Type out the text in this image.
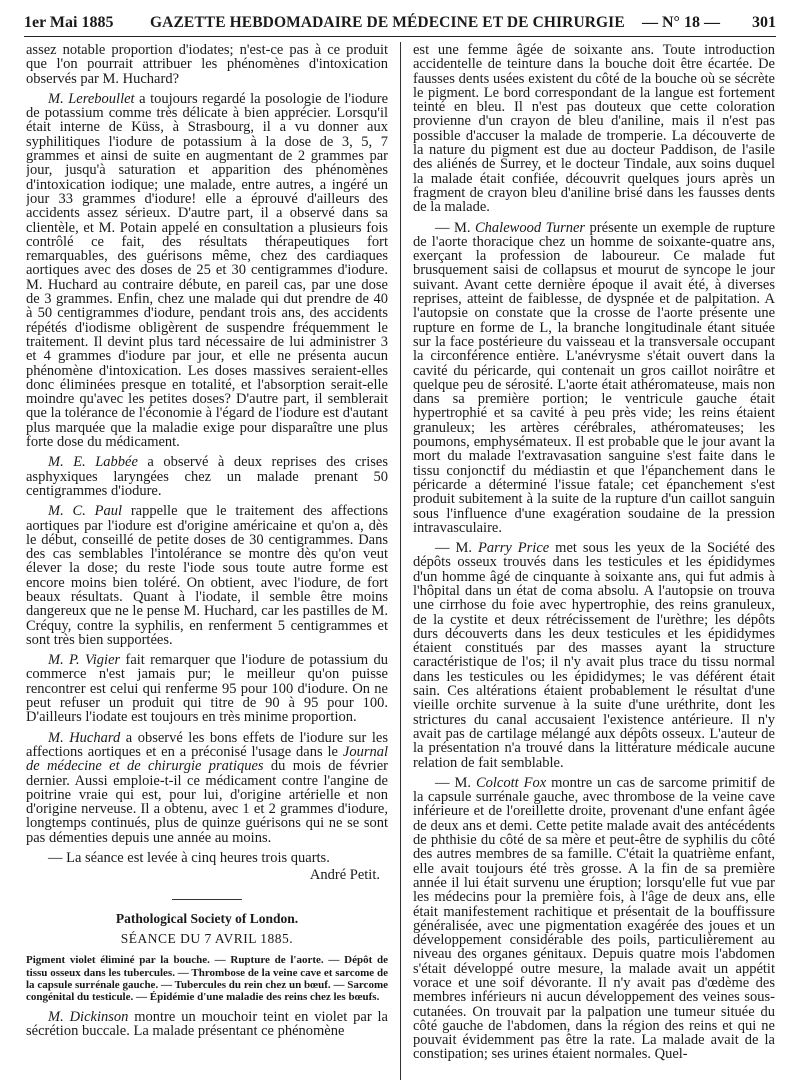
1er Mai 1885 GAZETTE HEBDOMADAIRE DE MÉDECINE ET DE CHIRURGIE — N° 18 — 301

assez notable proportion d'iodates; n'est-ce pas à ce produit que l'on pourrait attribuer les phénomènes d'intoxication observés par M. Huchard?

M. Lereboullet a toujours regardé la posologie de l'iodure de potassium comme très délicate à bien apprécier. Lorsqu'il était interne de Küss, à Strasbourg, il a vu donner aux syphilitiques l'iodure de potassium à la dose de 3, 5, 7 grammes et ainsi de suite en augmentant de 2 grammes par jour, jusqu'à saturation et apparition des phénomènes d'intoxication iodique; une malade, entre autres, a ingéré un jour 33 grammes d'iodure! elle a éprouvé d'ailleurs des accidents assez sérieux. D'autre part, il a observé dans sa clientèle, et M. Potain appelé en consultation a plusieurs fois contrôlé ce fait, des résultats thérapeutiques fort remarquables, des guérisons même, chez des cardiaques aortiques avec des doses de 25 et 30 centigrammes d'iodure. M. Huchard au contraire débute, en pareil cas, par une dose de 3 grammes. Enfin, chez une malade qui dut prendre de 40 à 50 centigrammes d'iodure, pendant trois ans, des accidents répétés d'iodisme obligèrent de suspendre fréquemment le traitement. Il devint plus tard nécessaire de lui administrer 3 et 4 grammes d'iodure par jour, et elle ne présenta aucun phénomène d'intoxication. Les doses massives seraient-elles donc éliminées presque en totalité, et l'absorption serait-elle moindre qu'avec les petites doses? D'autre part, il semblerait que la tolérance de l'économie à l'égard de l'iodure est d'autant plus marquée que la maladie exige pour disparaître une plus forte dose du médicament.

M. E. Labbée a observé à deux reprises des crises asphyxiques laryngées chez un malade prenant 50 centigrammes d'iodure.

M. C. Paul rappelle que le traitement des affections aortiques par l'iodure est d'origine américaine et qu'on a, dès le début, conseillé de petite doses de 30 centigrammes. Dans des cas semblables l'intolérance se montre dès qu'on veut élever la dose; du reste l'iode sous toute autre forme est encore moins bien toléré. On obtient, avec l'iodure, de fort beaux résultats. Quant à l'iodate, il semble être moins dangereux que ne le pense M. Huchard, car les pastilles de M. Créquy, contre la syphilis, en renferment 5 centigrammes et sont très bien supportées.

M. P. Vigier fait remarquer que l'iodure de potassium du commerce n'est jamais pur; le meilleur qu'on puisse rencontrer est celui qui renferme 95 pour 100 d'iodure. On ne peut refuser un produit qui titre de 90 à 95 pour 100. D'ailleurs l'iodate est toujours en très minime proportion.

M. Huchard a observé les bons effets de l'iodure sur les affections aortiques et en a préconisé l'usage dans le Journal de médecine et de chirurgie pratiques du mois de février dernier. Aussi emploie-t-il ce médicament contre l'angine de poitrine vraie qui est, pour lui, d'origine artérielle et non d'origine nerveuse. Il a obtenu, avec 1 et 2 grammes d'iodure, longtemps continués, plus de quinze guérisons qui ne se sont pas démenties depuis une année au moins.

— La séance est levée à cinq heures trois quarts.

André Petit.

Pathological Society of London.

SÉANCE DU 7 AVRIL 1885.

Pigment violet éliminé par la bouche. — Rupture de l'aorte. — Dépôt de tissu osseux dans les tubercules. — Thrombose de la veine cave et sarcome de la capsule surrénale gauche. — Tubercules du rein chez un bœuf. — Sarcome congénital du testicule. — Épidémie d'une maladie des reins chez les bœufs.

M. Dickinson montre un mouchoir teint en violet par la sécrétion buccale. La malade présentant ce phénomène

est une femme âgée de soixante ans. Toute introduction accidentelle de teinture dans la bouche doit être écartée. De fausses dents usées existent du côté de la bouche où se sécrète le pigment. Le bord correspondant de la langue est fortement teinté en bleu. Il n'est pas douteux que cette coloration provienne d'un crayon de bleu d'aniline, mais il n'est pas possible d'accuser la malade de tromperie. La découverte de la nature du pigment est due au docteur Paddison, de l'asile des aliénés de Surrey, et le docteur Tindale, aux soins duquel la malade était confiée, découvrit quelques jours après un fragment de crayon bleu d'aniline brisé dans les fausses dents de la malade.

— M. Chalewood Turner présente un exemple de rupture de l'aorte thoracique chez un homme de soixante-quatre ans, exerçant la profession de laboureur. Ce malade fut brusquement saisi de collapsus et mourut de syncope le jour suivant. Avant cette dernière époque il avait été, à diverses reprises, atteint de faiblesse, de dyspnée et de palpitation. A l'autopsie on constate que la crosse de l'aorte présente une rupture en forme de L, la branche longitudinale étant située sur la face postérieure du vaisseau et la transversale occupant la circonférence entière. L'anévrysme s'était ouvert dans la cavité du péricarde, qui contenait un gros caillot noirâtre et quelque peu de sérosité. L'aorte était athéromateuse, mais non dans sa première portion; le ventricule gauche était hypertrophié et sa cavité à peu près vide; les reins étaient granuleux; les artères cérébrales, athéromateuses; les poumons, emphysémateux. Il est probable que le jour avant la mort du malade l'extravasation sanguine s'est faite dans le tissu conjonctif du médiastin et que l'épanchement dans le péricarde a déterminé l'issue fatale; cet épanchement s'est produit subitement à la suite de la rupture d'un caillot sanguin sous l'influence d'une exagération soudaine de la pression intravasculaire.

— M. Parry Price met sous les yeux de la Société des dépôts osseux trouvés dans les testicules et les épididymes d'un homme âgé de cinquante à soixante ans, qui fut admis à l'hôpital dans un état de coma absolu. A l'autopsie on trouva une cirrhose du foie avec hypertrophie, des reins granuleux, de la cystite et deux rétrécissement de l'urèthre; les dépôts durs découverts dans les deux testicules et les épididymes étaient constitués par des masses ayant la structure caractéristique de l'os; il n'y avait plus trace du tissu normal dans les testicules ou les épididymes; le vas déférent était sain. Ces altérations étaient probablement le résultat d'une vieille orchite survenue à la suite d'une uréthrite, dont les strictures du canal accusaient l'existence antérieure. Il n'y avait pas de cartilage mélangé aux dépôts osseux. L'auteur de la présentation n'a trouvé dans la littérature médicale aucune relation de fait semblable.

— M. Colcott Fox montre un cas de sarcome primitif de la capsule surrénale gauche, avec thrombose de la veine cave inférieure et de l'oreillette droite, provenant d'une enfant âgée de deux ans et demi. Cette petite malade avait des antécédents de phthisie du côté de sa mère et peut-être de syphilis du côté des autres membres de sa famille. C'était la quatrième enfant, elle avait toujours été très grosse. A la fin de sa première année il lui était survenu une éruption; lorsqu'elle fut vue par les médecins pour la première fois, à l'âge de deux ans, elle était manifestement rachitique et présentait de la bouffissure généralisée, avec une pigmentation exagérée des joues et un développement considérable des poils, particulièrement au niveau des organes génitaux. Depuis quatre mois l'abdomen s'était développé outre mesure, la malade avait un appétit vorace et une soif dévorante. Il n'y avait pas d'œdème des membres inférieurs ni aucun développement des veines sous-cutanées. On trouvait par la palpation une tumeur située du côté gauche de l'abdomen, dans la région des reins et qui ne pouvait évidemment pas être la rate. La malade avait de la constipation; ses urines étaient normales. Quel-
